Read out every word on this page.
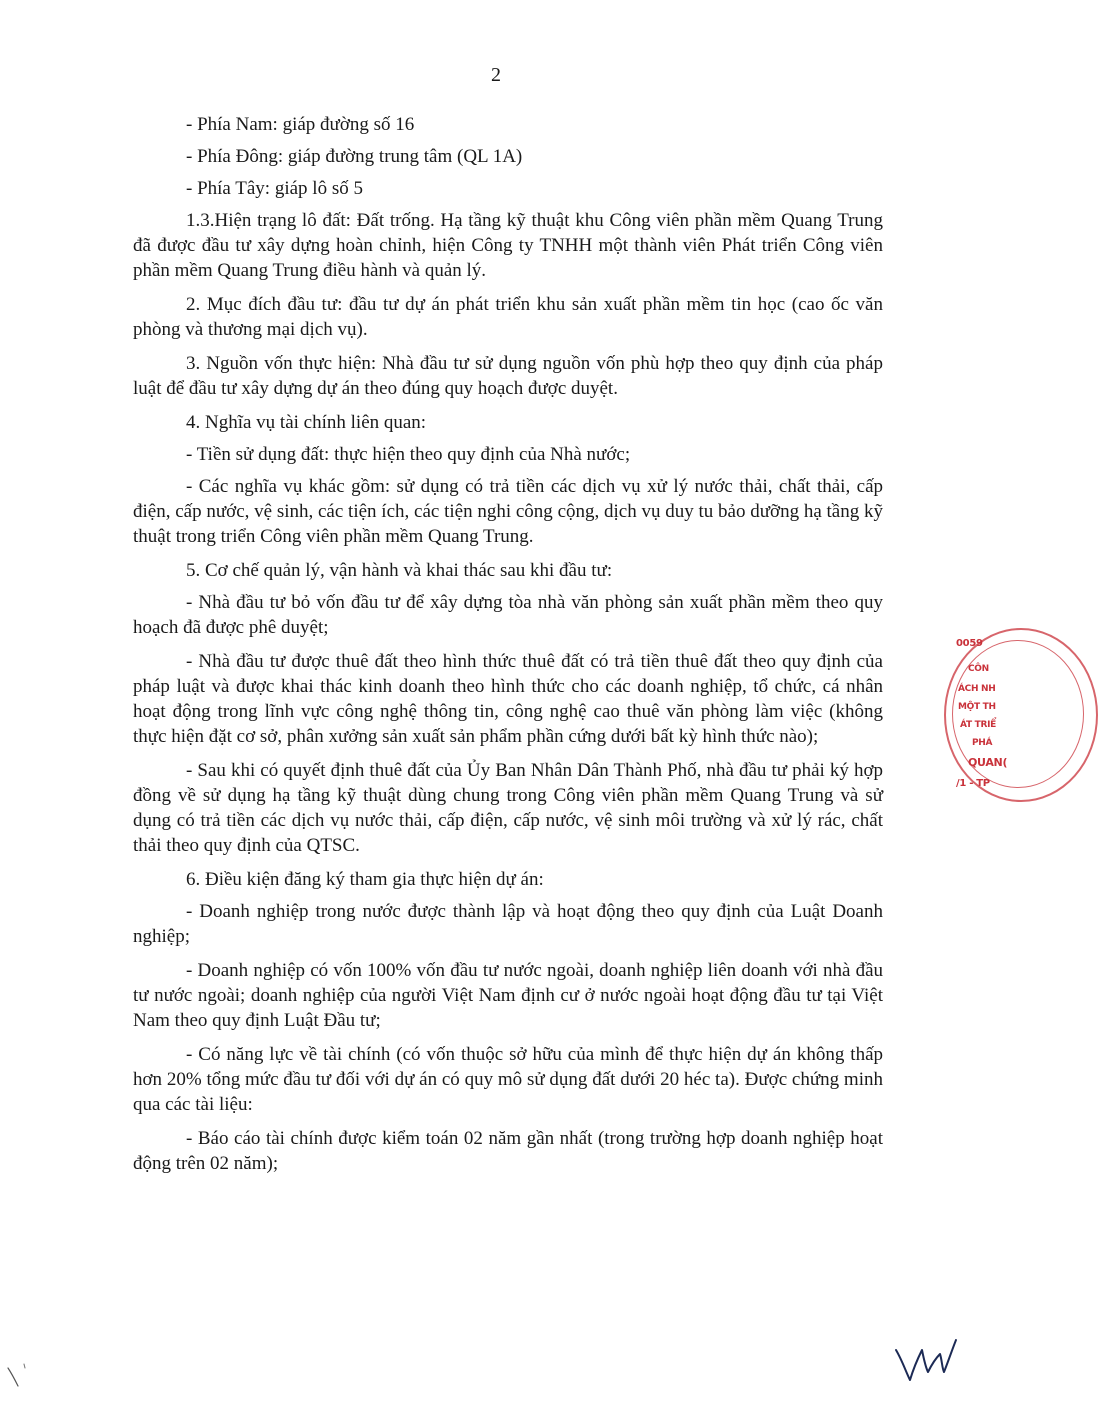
2

- Phía Nam: giáp đường số 16

- Phía Đông: giáp đường trung tâm (QL 1A)

- Phía Tây: giáp lô số 5

1.3.Hiện trạng lô đất: Đất trống. Hạ tầng kỹ thuật khu Công viên phần mềm Quang Trung đã được đầu tư xây dựng hoàn chỉnh, hiện Công ty TNHH một thành viên Phát triển Công viên phần mềm Quang Trung điều hành và quản lý.

2. Mục đích đầu tư: đầu tư dự án phát triển khu sản xuất phần mềm tin học (cao ốc văn phòng và thương mại dịch vụ).

3. Nguồn vốn thực hiện: Nhà đầu tư sử dụng nguồn vốn phù hợp theo quy định của pháp luật để đầu tư xây dựng dự án theo đúng quy hoạch được duyệt.

4. Nghĩa vụ tài chính liên quan:

- Tiền sử dụng đất: thực hiện theo quy định của Nhà nước;

- Các nghĩa vụ khác gồm: sử dụng có trả tiền các dịch vụ xử lý nước thải, chất thải, cấp điện, cấp nước, vệ sinh, các tiện ích, các tiện nghi công cộng, dịch vụ duy tu bảo dưỡng hạ tầng kỹ thuật trong triển Công viên phần mềm Quang Trung.

5. Cơ chế quản lý, vận hành và khai thác sau khi đầu tư:

- Nhà đầu tư bỏ vốn đầu tư để xây dựng tòa nhà văn phòng sản xuất phần mềm theo quy hoạch đã được phê duyệt;

- Nhà đầu tư được thuê đất theo hình thức thuê đất có trả tiền thuê đất theo quy định của pháp luật và được khai thác kinh doanh theo hình thức cho các doanh nghiệp, tổ chức, cá nhân hoạt động trong lĩnh vực công nghệ thông tin, công nghệ cao thuê văn phòng làm việc (không thực hiện đặt cơ sở, phân xưởng sản xuất sản phẩm phần cứng dưới bất kỳ hình thức nào);

- Sau khi có quyết định thuê đất của Ủy Ban Nhân Dân Thành Phố, nhà đầu tư phải ký hợp đồng về sử dụng hạ tầng kỹ thuật dùng chung trong Công viên phần mềm Quang Trung và sử dụng có trả tiền các dịch vụ nước thải, cấp điện, cấp nước, vệ sinh môi trường và xử lý rác, chất thải theo quy định của QTSC.

6. Điều kiện đăng ký tham gia thực hiện dự án:

- Doanh nghiệp trong nước được thành lập và hoạt động theo quy định của Luật Doanh nghiệp;

- Doanh nghiệp có vốn 100% vốn đầu tư nước ngoài, doanh nghiệp liên doanh với nhà đầu tư nước ngoài; doanh nghiệp của người Việt Nam định cư ở nước ngoài hoạt động đầu tư tại Việt Nam theo quy định Luật Đầu tư;

- Có năng lực về tài chính (có vốn thuộc sở hữu của mình để thực hiện dự án không thấp hơn 20% tổng mức đầu tư đối với dự án có quy mô sử dụng đất dưới 20 héc ta). Được chứng minh qua các tài liệu:

- Báo cáo tài chính được kiểm toán 02 năm gần nhất (trong trường hợp doanh nghiệp hoạt động trên 02 năm);

0059
CÔN
ÁCH NH
MỘT TH
ÁT TRIỂ
PHÁ
QUAN(
/1 - TP
